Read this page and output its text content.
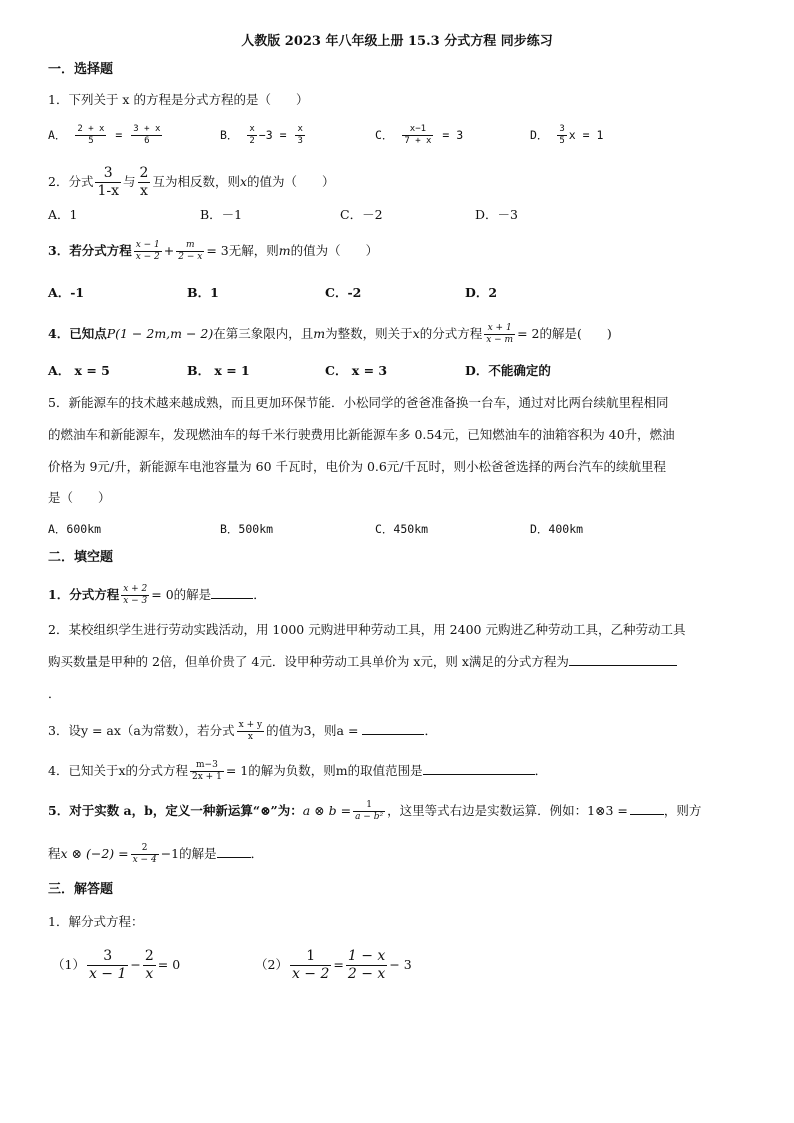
人教版 2023 年八年级上册 15.3 分式方程 同步练习
一．选择题
1．下列关于 x 的方程是分式方程的是（　　）
A． $\frac{2 + x}{5} = \frac{3 + x}{6}$	B． $\frac{x}{2} -3 = \frac{x}{3}$	C． $\frac{x-1}{7 + x} = 3$	D． $\frac{3}{5}$ x = 1
2．分式 $\frac{3}{1-x}$ 与 $\frac{2}{x}$ 互为相反数，则x的值为（　　）
A．1	B．－1	C．－2	D．－3
3．若分式方程 $\frac{x - 1}{x - 2} + \frac{m}{2 - x} = 3$无解，则m的值为（　　）
A．-1	B．1	C．-2	D．2
4．已知点P(1 − 2m,m − 2)在第三象限内，且m为整数，则关于x的分式方程 $\frac{x + 1}{x - m} = 2$的解是(　　)
A． x = 5	B． x = 1	C． x = 3	D．不能确定的
5．新能源车的技术越来越成熟，而且更加环保节能．小松同学的爸爸准备换一台车，通过对比两台续航里程相同
的燃油车和新能源车，发现燃油车的每千米行驶费用比新能源车多 0.54元，已知燃油车的油箱容积为 40升，燃油
价格为 9元/升，新能源车电池容量为 60 千瓦时，电价为 0.6元/千瓦时，则小松爸爸选择的两台汽车的续航里程
是（　　）
A．600km	B．500km	C．450km	D．400km
二．填空题
1．分式方程 $\frac{x + 2}{x - 3} = 0$的解是	．
2．某校组织学生进行劳动实践活动，用 1000 元购进甲种劳动工具，用 2400 元购进乙种劳动工具，乙种劳动工具
购买数量是甲种的 2倍，但单价贵了 4元．设甲种劳动工具单价为 x元，则 x满足的分式方程为
．
3．设y = ax（a为常数），若分式 $\frac{x + y}{x}$ 的值为3，则a =	．
4．已知关于x的分式方程 $\frac{m-3}{2x + 1} = 1$的解为负数，则m的取值范围是	．
5．对于实数 a，b，定义一种新运算“⊗”为：a ⊗ $b = \frac{1}{\text{a − b²}}$ ，这里等式右边是实数运算．例如：1⊗3 =	，则方
程x ⊗ $(-2) = \frac{2}{x - 4} -1$的解是	．
三．解答题
1．解分式方程：
$(1) \frac{3}{x - 1} - \frac{2}{x} = 0$	$(2) \frac{1}{x - 2} = \frac{1 - x}{2 - x} - 3$
